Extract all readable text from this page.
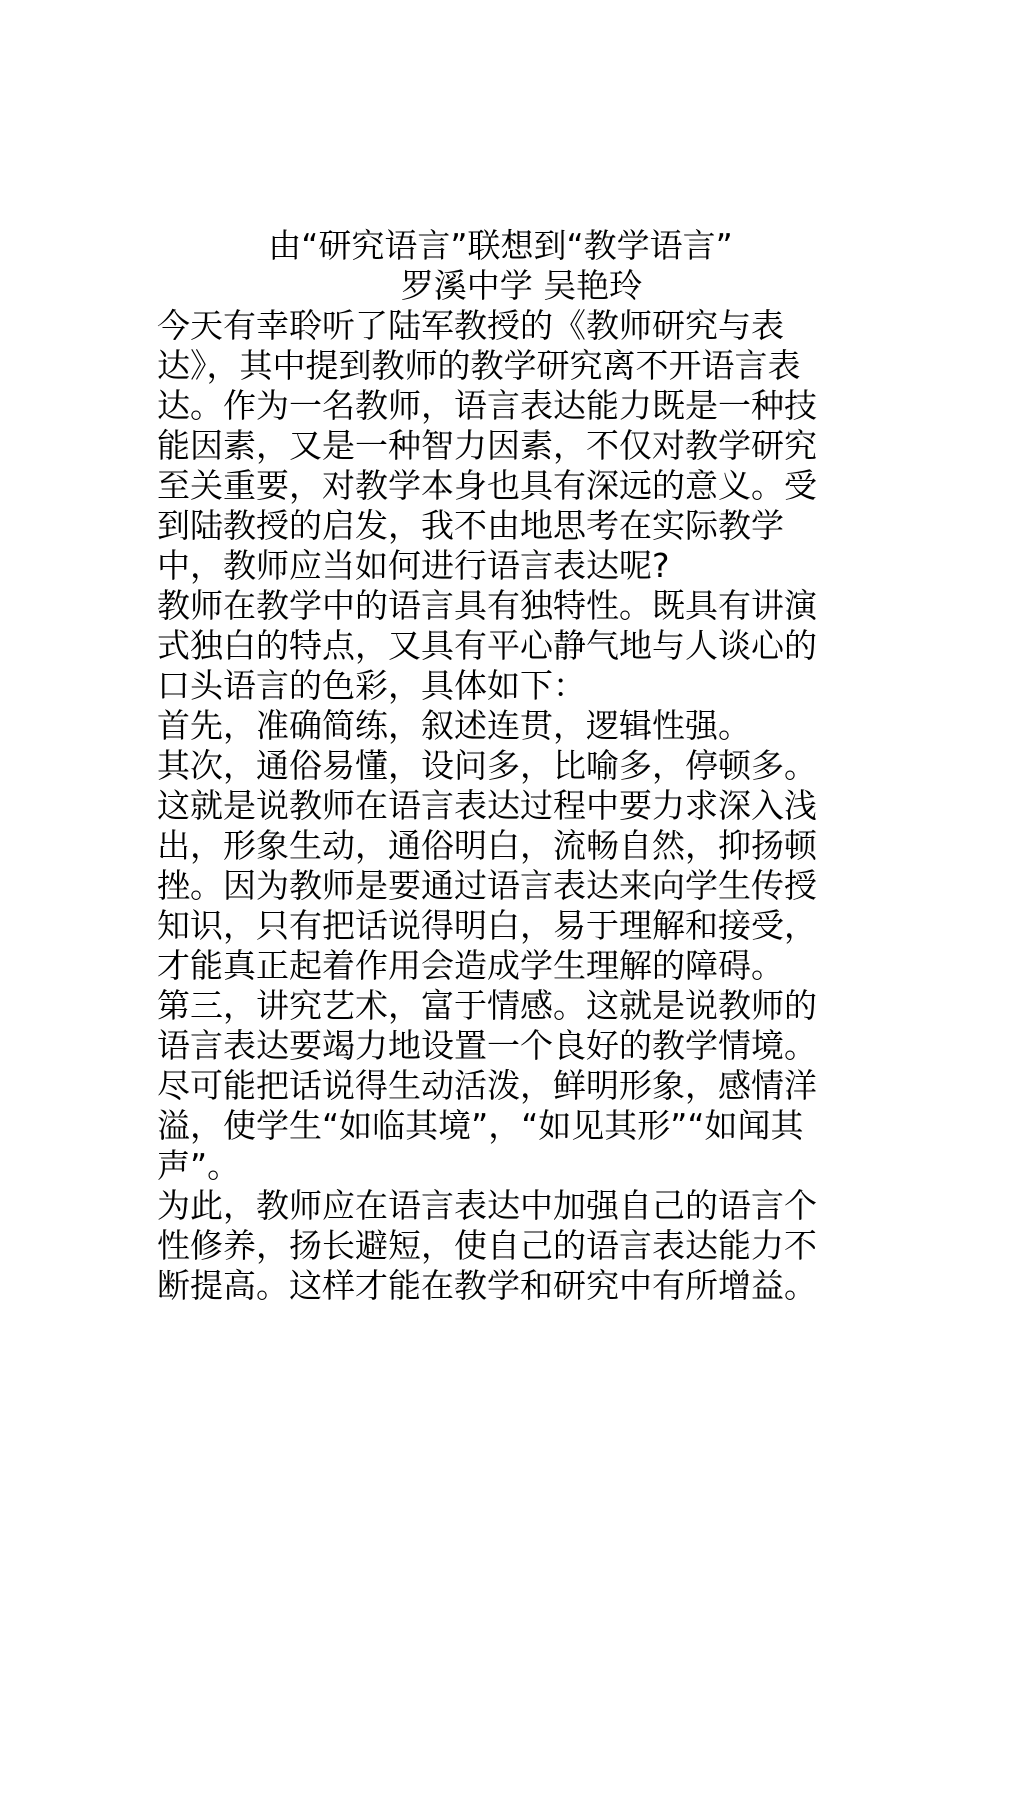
由“研究语言”联想到“教学语言”

罗溪中学 吴艳玲

今天有幸聆听了陆军教授的《教师研究与表
达》，其中提到教师的教学研究离不开语言表
达。作为一名教师，语言表达能力既是一种技
能因素，又是一种智力因素，不仅对教学研究
至关重要，对教学本身也具有深远的意义。受
到陆教授的启发，我不由地思考在实际教学
中，教师应当如何进行语言表达呢?

教师在教学中的语言具有独特性。既具有讲演
式独白的特点，又具有平心静气地与人谈心的
口头语言的色彩，具体如下：

首先，准确简练，叙述连贯，逻辑性强。

其次，通俗易懂，设问多，比喻多，停顿多。
这就是说教师在语言表达过程中要力求深入浅
出，形象生动，通俗明白，流畅自然，抑扬顿
挫。因为教师是要通过语言表达来向学生传授
知识，只有把话说得明白，易于理解和接受，
才能真正起着作用会造成学生理解的障碍。

第三，讲究艺术，富于情感。这就是说教师的
语言表达要竭力地设置一个良好的教学情境。
尽可能把话说得生动活泼，鲜明形象，感情洋
溢，使学生“如临其境”，“如见其形”“如闻其
声”。

为此，教师应在语言表达中加强自己的语言个
性修养，扬长避短，使自己的语言表达能力不
断提高。这样才能在教学和研究中有所增益。
